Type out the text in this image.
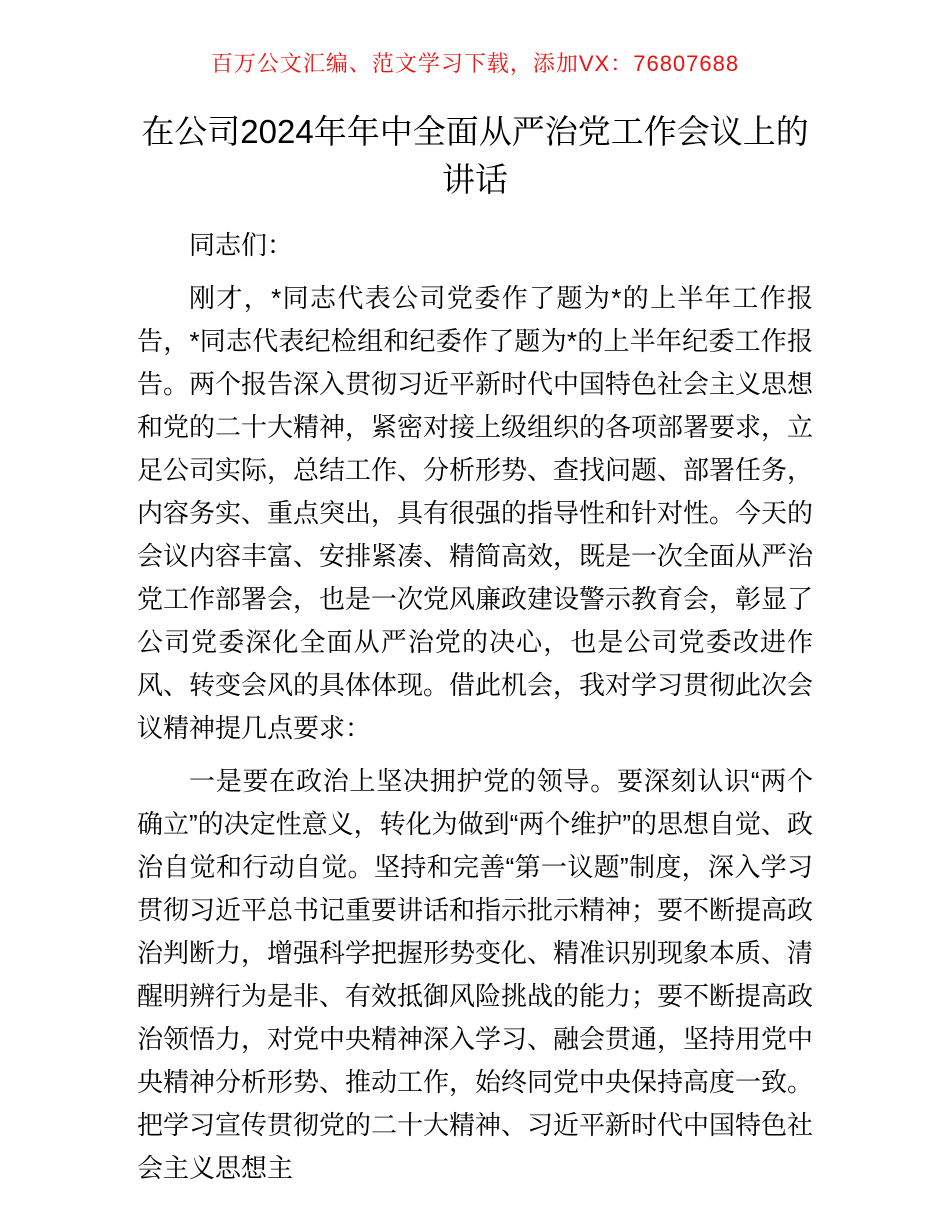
百万公文汇编、范文学习下载，添加VX：76807688
在公司2024年年中全面从严治党工作会议上的
讲话

同志们：

刚才，*同志代表公司党委作了题为*的上半年工作报告，*同志代表纪检组和纪委作了题为*的上半年纪委工作报告。两个报告深入贯彻习近平新时代中国特色社会主义思想和党的二十大精神，紧密对接上级组织的各项部署要求，立足公司实际，总结工作、分析形势、查找问题、部署任务，内容务实、重点突出，具有很强的指导性和针对性。今天的会议内容丰富、安排紧凑、精简高效，既是一次全面从严治党工作部署会，也是一次党风廉政建设警示教育会，彰显了公司党委深化全面从严治党的决心，也是公司党委改进作风、转变会风的具体体现。借此机会，我对学习贯彻此次会议精神提几点要求：

一是要在政治上坚决拥护党的领导。要深刻认识“两个确立”的决定性意义，转化为做到“两个维护”的思想自觉、政治自觉和行动自觉。坚持和完善“第一议题”制度，深入学习贯彻习近平总书记重要讲话和指示批示精神；要不断提高政治判断力，增强科学把握形势变化、精准识别现象本质、清醒明辨行为是非、有效抵御风险挑战的能力；要不断提高政治领悟力，对党中央精神深入学习、融会贯通，坚持用党中央精神分析形势、推动工作，始终同党中央保持高度一致。把学习宣传贯彻党的二十大精神、习近平新时代中国特色社会主义思想主
